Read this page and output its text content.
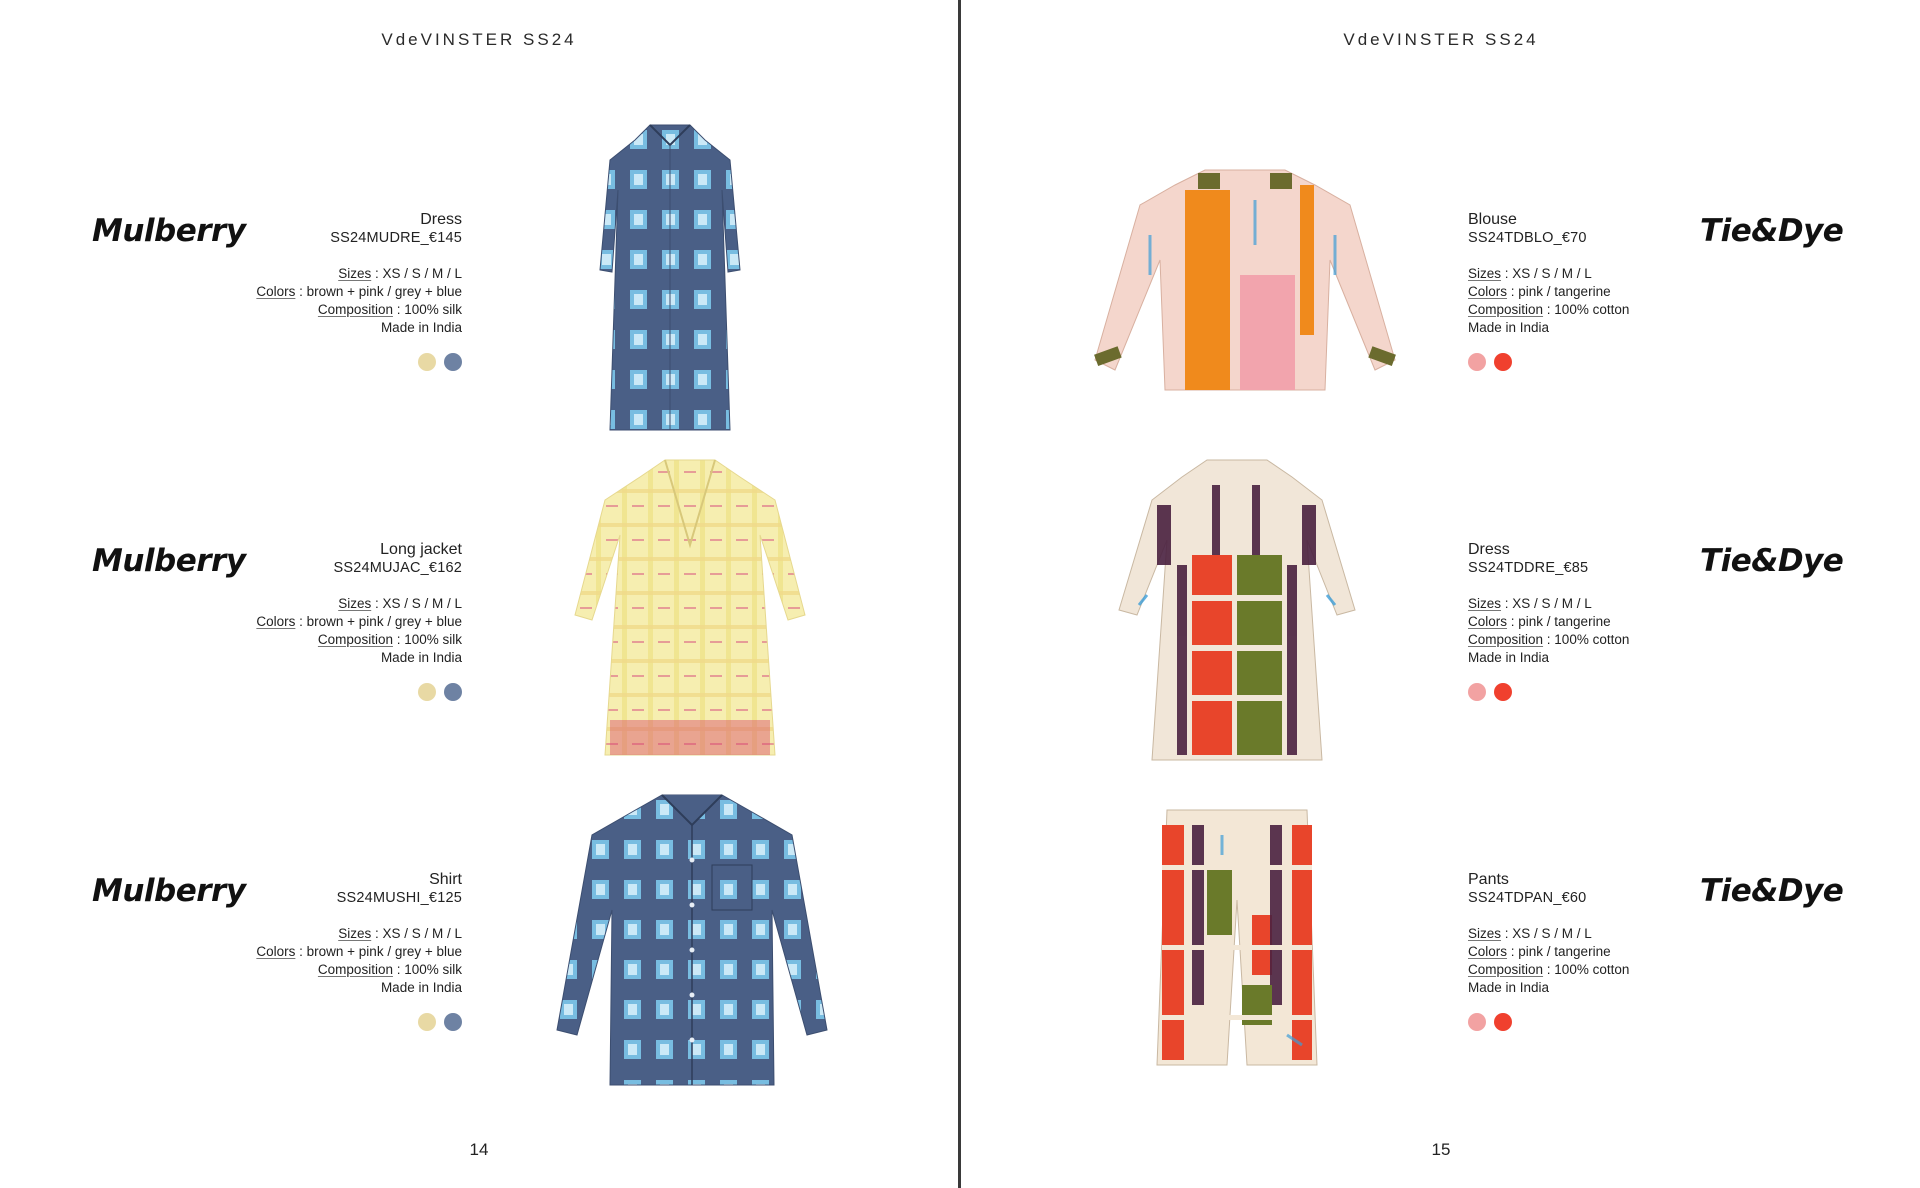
VdeVINSTER SS24
Mulberry	Dress
SS24MUDRE_€145
Sizes : XS / S / M / L
Colors : brown + pink / grey + blue
Composition : 100% silk
Made in India
Mulberry	Long jacket
SS24MUJAC_€162
Sizes : XS / S / M / L
Colors : brown + pink / grey + blue
Composition : 100% silk
Made in India
Mulberry	Shirt
SS24MUSHI_€125
Sizes : XS / S / M / L
Colors : brown + pink / grey + blue
Composition : 100% silk
Made in India
14
VdeVINSTER SS24
Blouse
SS24TDBLO_€70
Sizes : XS / S / M / L
Colors : pink / tangerine
Composition : 100% cotton
Made in India
Tie&Dye
Dress
SS24TDDRE_€85
Sizes : XS / S / M / L
Colors : pink / tangerine
Composition : 100% cotton
Made in India
Tie&Dye
Pants
SS24TDPAN_€60
Sizes : XS / S / M / L
Colors : pink / tangerine
Composition : 100% cotton
Made in India
Tie&Dye
15
